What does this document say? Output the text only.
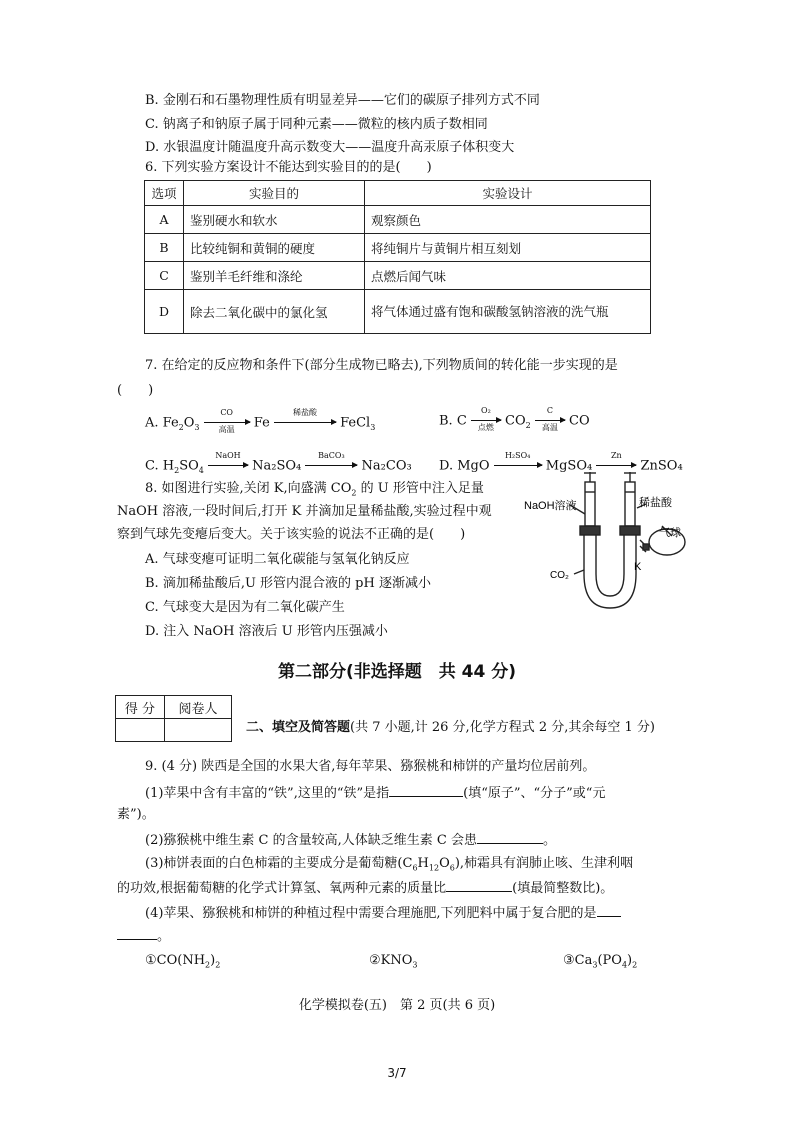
B. 金刚石和石墨物理性质有明显差异——它们的碳原子排列方式不同
C. 钠离子和钠原子属于同种元素——微粒的核内质子数相同
D. 水银温度计随温度升高示数变大——温度升高汞原子体积变大
6. 下列实验方案设计不能达到实验目的的是(　　)
选项	实验目的	实验设计
A	鉴别硬水和软水	观察颜色
B	比较纯铜和黄铜的硬度	将纯铜片与黄铜片相互刻划
C	鉴别羊毛纤维和涤纶	点燃后闻气味
D	除去二氧化碳中的氯化氢	将气体通过盛有饱和碳酸氢钠溶液的洗气瓶
7. 在给定的反应物和条件下(部分生成物已略去),下列物质间的转化能一步实现的是
(　　)
A. $Fe_2O_3$
CO
高温	Fe
稀盐酸
FeCl$_3$	B. C
O₂
点燃 $CO_2$
C
高温 CO
C. $H_2SO_4$
NaOH
Na₂SO₄
BaCO₃
Na₂CO₃ D. MgO
H₂SO₄
MgSO₄
Zn
ZnSO₄
8. 如图进行实验,关闭 K,向盛满 $CO_2$ 的 U 形管中注入足量
NaOH 溶液,一段时间后,打开 K 并滴加足量稀盐酸,实验过程中观
察到气球先变瘪后变大。关于该实验的说法不正确的是(　　)
A. 气球变瘪可证明二氧化碳能与氢氧化钠反应
B. 滴加稀盐酸后,U 形管内混合液的 pH 逐渐减小
C. 气球变大是因为有二氧化碳产生
D. 注入 NaOH 溶液后 U 形管内压强减小
NaOH溶液	稀盐酸
气球
K
CO₂
第二部分(非选择题　共 44 分)
得 分	阅卷人

二、填空及简答题(共 7 小题,计 26 分,化学方程式 2 分,其余每空 1 分)
9. (4 分) 陕西是全国的水果大省,每年苹果、猕猴桃和柿饼的产量均位居前列。
(1)苹果中含有丰富的“铁”,这里的“铁”是指	(填“原子”、“分子”或“元
素”)。
(2)猕猴桃中维生素 C 的含量较高,人体缺乏维生素 C 会患	。
(3)柿饼表面的白色柿霜的主要成分是葡萄糖$(C_6H_{12}O_6)$,柿霜具有润肺止咳、生津利咽
的功效,根据葡萄糖的化学式计算氢、氧两种元素的质量比	(填最简整数比)。
(4)苹果、猕猴桃和柿饼的种植过程中需要合理施肥,下列肥料中属于复合肥的是
。
$①CO(NH_2)_2$	$②KNO_3$	$③Ca_3(PO_4)_2$
化学模拟卷(五)　第 2 页(共 6 页)
3/7
